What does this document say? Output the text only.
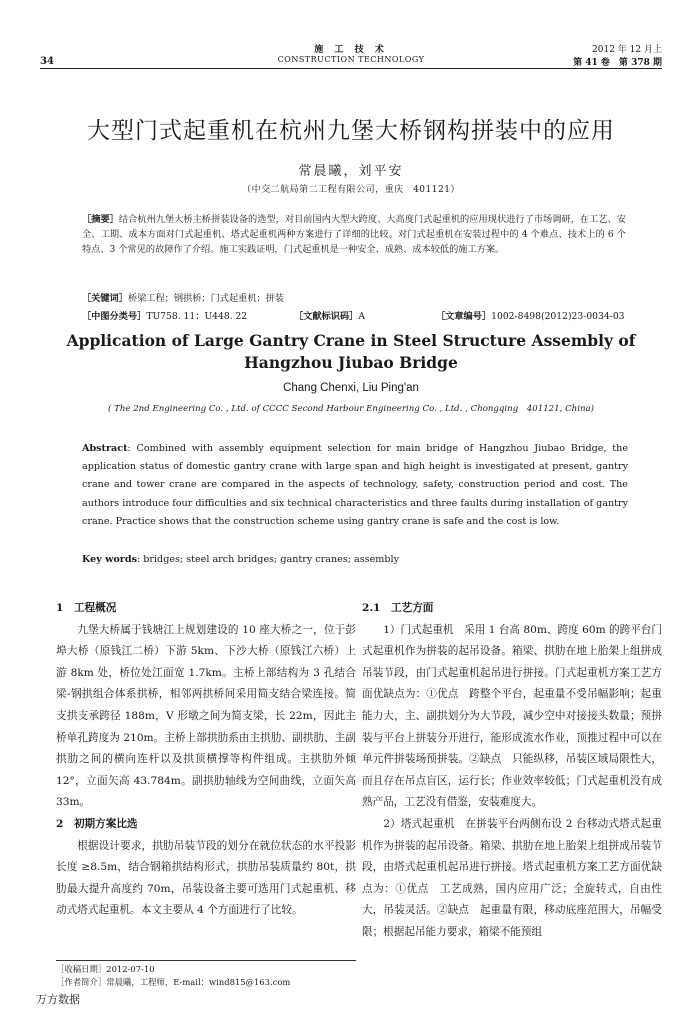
34
施 工 技 术
CONSTRUCTION TECHNOLOGY
2012 年 12 月上
第 41 卷　第 378 期
大型门式起重机在杭州九堡大桥钢构拼装中的应用
常晨曦，刘平安
（中交二航局第二工程有限公司，重庆　401121）
［摘要］结合杭州九堡大桥主桥拼装设备的选型，对目前国内大型大跨度、大高度门式起重机的应用现状进行了市场调研，在工艺、安全、工期、成本方面对门式起重机、塔式起重机两种方案进行了详细的比较。对门式起重机在安装过程中的 4 个难点、技术上的 6 个特点、3 个常见的故障作了介绍。施工实践证明，门式起重机是一种安全、成熟、成本较低的施工方案。
［关键词］桥梁工程；钢拱桥；门式起重机；拼装
［中图分类号］TU758. 11；U448. 22	［文献标识码］A	［文章编号］1002-8498(2012)23-0034-03
Application of Large Gantry Crane in Steel Structure Assembly of Hangzhou Jiubao Bridge
Chang Chenxi, Liu Ping'an
( The 2nd Engineering Co. , Ltd. of CCCC Second Harbour Engineering Co. , Ltd. , Chongqing　401121, China)
Abstract: Combined with assembly equipment selection for main bridge of Hangzhou Jiubao Bridge, the application status of domestic gantry crane with large span and high height is investigated at present, gantry crane and tower crane are compared in the aspects of technology, safety, construction period and cost. The authors introduce four difficulties and six technical characteristics and three faults during installation of gantry crane. Practice shows that the construction scheme using gantry crane is safe and the cost is low.
Key words: bridges; steel arch bridges; gantry cranes; assembly
1　工程概况

九堡大桥属于钱塘江上规划建设的 10 座大桥之一，位于彭埠大桥（原钱江二桥）下游 5km、下沙大桥（原钱江六桥）上游 8km 处，桥位处江面宽 1.7km。主桥上部结构为 3 孔结合梁-钢拱组合体系拱桥，相邻两拱桥间采用简支结合梁连接。简支拱支承跨径 188m，V 形墩之间为简支梁，长 22m，因此主桥单孔跨度为 210m。主桥上部拱肋系由主拱肋、副拱肋、主副拱肋之间的横向连杆以及拱顶横撑等构件组成。主拱肋外倾 12°，立面矢高 43.784m。副拱肋轴线为空间曲线，立面矢高 33m。

2　初期方案比选

根据设计要求，拱肋吊装节段的划分在就位状态的水平投影长度 ≥8.5m，结合钢箱拱结构形式，拱肋吊装质量约 80t，拱肋最大提升高度约 70m，吊装设备主要可选用门式起重机、移动式塔式起重机。本文主要从 4 个方面进行了比较。

2.1　工艺方面

1）门式起重机　采用 1 台高 80m、跨度 60m 的跨平台门式起重机作为拼装的起吊设备。箱梁、拱肋在地上胎架上组拼成吊装节段，由门式起重机起吊进行拼接。门式起重机方案工艺方面优缺点为：①优点　跨整个平台，起重量不受吊幅影响；起重能力大，主、副拱划分为大节段，减少空中对接接头数量；预拼装与平台上拼装分开进行，能形成流水作业，顶推过程中可以在单元件拼装场预拼装。②缺点　只能纵移，吊装区域局限性大，而且存在吊点盲区，运行长；作业效率较低；门式起重机没有成熟产品，工艺没有借鉴，安装难度大。

2）塔式起重机　在拼装平台两侧布设 2 台移动式塔式起重机作为拼装的起吊设备。箱梁、拱肋在地上胎架上组拼成吊装节段，由塔式起重机起吊进行拼接。塔式起重机方案工艺方面优缺点为：①优点　工艺成熟，国内应用广泛；全旋转式，自由性大，吊装灵活。②缺点　起重量有限，移动底座范围大，吊幅受限；根据起吊能力要求，箱梁不能预组

［收稿日期］2012-07-10
［作者简介］常晨曦，工程师，E-mail：wind815@163.com
万方数据
